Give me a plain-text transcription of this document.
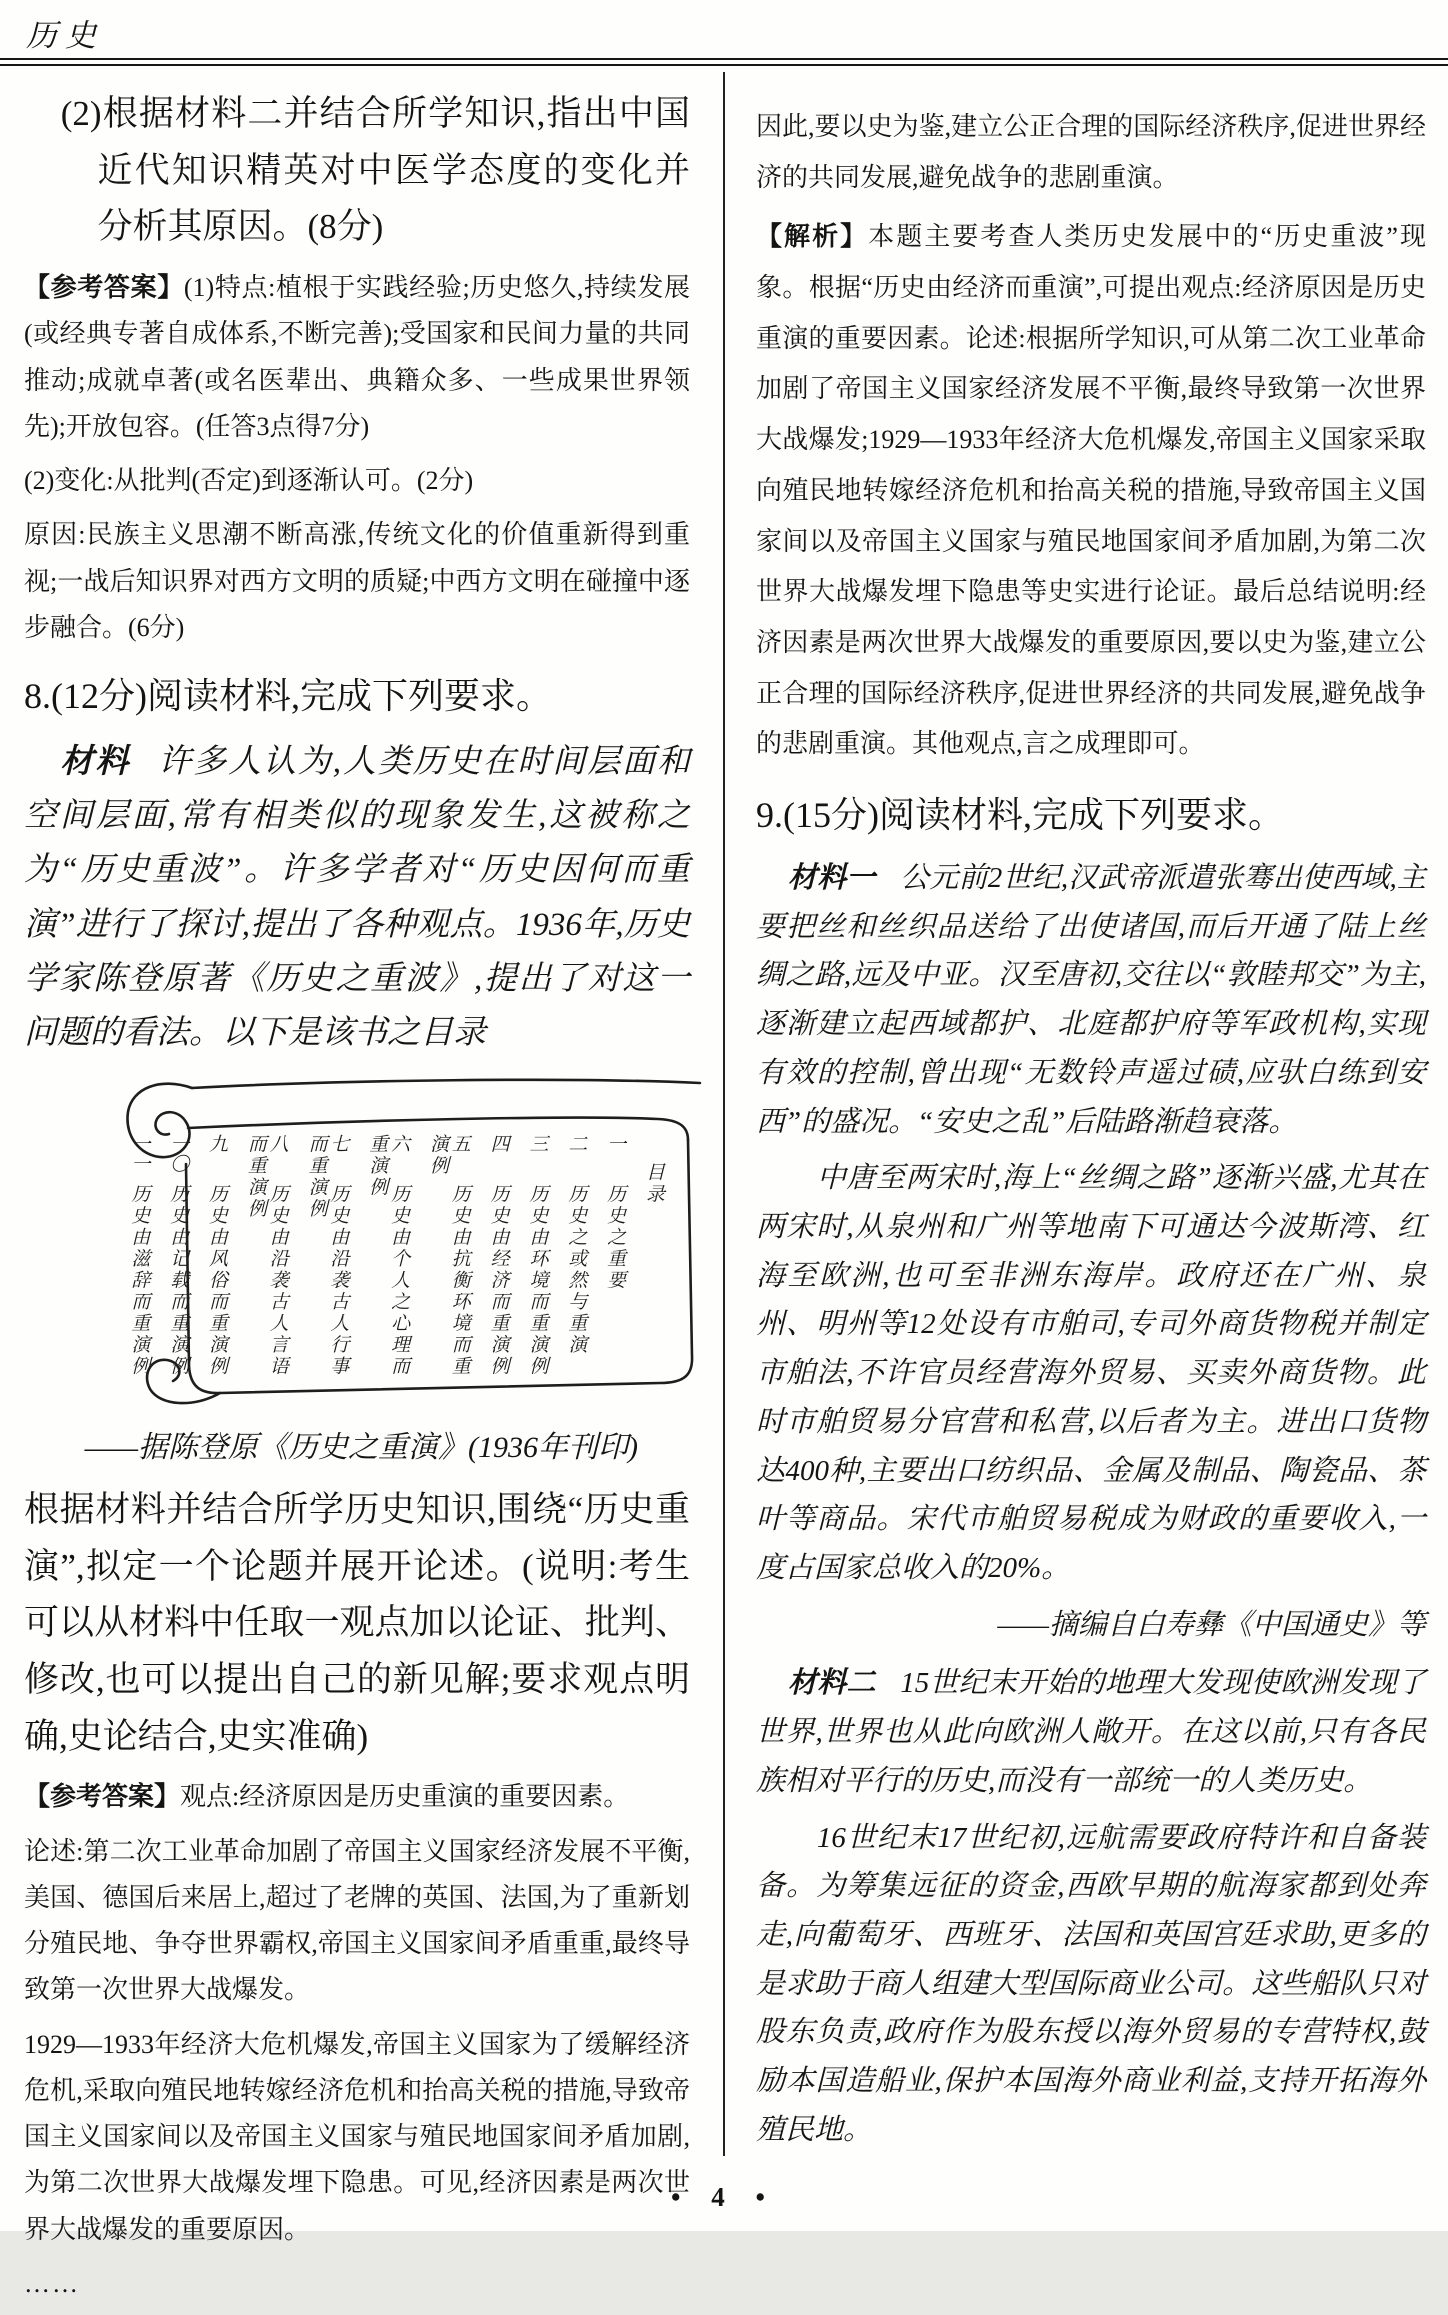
历史

(2)根据材料二并结合所学知识,指出中国近代知识精英对中医学态度的变化并分析其原因。(8分)

【参考答案】(1)特点:植根于实践经验;历史悠久,持续发展(或经典专著自成体系,不断完善);受国家和民间力量的共同推动;成就卓著(或名医辈出、典籍众多、一些成果世界领先);开放包容。(任答3点得7分)

(2)变化:从批判(否定)到逐渐认可。(2分)

原因:民族主义思潮不断高涨,传统文化的价值重新得到重视;一战后知识界对西方文明的质疑;中西方文明在碰撞中逐步融合。(6分)

8.(12分)阅读材料,完成下列要求。

材料 许多人认为,人类历史在时间层面和空间层面,常有相类似的现象发生,这被称之为“历史重波”。许多学者对“历史因何而重演”进行了探讨,提出了各种观点。1936年,历史学家陈登原著《历史之重波》,提出了对这一问题的看法。以下是该书之目录

目录
一历史之重要
二历史之或然与重演
三历史由环境而重演例
四历史由经济而重演例
五历史由抗衡环境而重演例
六历史由个人之心理而重演例
七历史由沿袭古人行事而重演例
八历史由沿袭古人言语而重演例
九历史由风俗而重演例
一〇历史由记载而重演例
一一历史由滋辞而重演例

——据陈登原《历史之重演》(1936年刊印)

根据材料并结合所学历史知识,围绕“历史重演”,拟定一个论题并展开论述。(说明:考生可以从材料中任取一观点加以论证、批判、修改,也可以提出自己的新见解;要求观点明确,史论结合,史实准确)

【参考答案】观点:经济原因是历史重演的重要因素。

论述:第二次工业革命加剧了帝国主义国家经济发展不平衡,美国、德国后来居上,超过了老牌的英国、法国,为了重新划分殖民地、争夺世界霸权,帝国主义国家间矛盾重重,最终导致第一次世界大战爆发。

1929—1933年经济大危机爆发,帝国主义国家为了缓解经济危机,采取向殖民地转嫁经济危机和抬高关税的措施,导致帝国主义国家间以及帝国主义国家与殖民地国家间矛盾加剧,为第二次世界大战爆发埋下隐患。可见,经济因素是两次世界大战爆发的重要原因。

……

因此,要以史为鉴,建立公正合理的国际经济秩序,促进世界经济的共同发展,避免战争的悲剧重演。

【解析】本题主要考查人类历史发展中的“历史重波”现象。根据“历史由经济而重演”,可提出观点:经济原因是历史重演的重要因素。论述:根据所学知识,可从第二次工业革命加剧了帝国主义国家经济发展不平衡,最终导致第一次世界大战爆发;1929—1933年经济大危机爆发,帝国主义国家采取向殖民地转嫁经济危机和抬高关税的措施,导致帝国主义国家间以及帝国主义国家与殖民地国家间矛盾加剧,为第二次世界大战爆发埋下隐患等史实进行论证。最后总结说明:经济因素是两次世界大战爆发的重要原因,要以史为鉴,建立公正合理的国际经济秩序,促进世界经济的共同发展,避免战争的悲剧重演。其他观点,言之成理即可。

9.(15分)阅读材料,完成下列要求。

材料一 公元前2世纪,汉武帝派遣张骞出使西域,主要把丝和丝织品送给了出使诸国,而后开通了陆上丝绸之路,远及中亚。汉至唐初,交往以“敦睦邦交”为主,逐渐建立起西域都护、北庭都护府等军政机构,实现有效的控制,曾出现“无数铃声遥过碛,应驮白练到安西”的盛况。“安史之乱”后陆路渐趋衰落。

中唐至两宋时,海上“丝绸之路”逐渐兴盛,尤其在两宋时,从泉州和广州等地南下可通达今波斯湾、红海至欧洲,也可至非洲东海岸。政府还在广州、泉州、明州等12处设有市舶司,专司外商货物税并制定市舶法,不许官员经营海外贸易、买卖外商货物。此时市舶贸易分官营和私营,以后者为主。进出口货物达400种,主要出口纺织品、金属及制品、陶瓷品、茶叶等商品。宋代市舶贸易税成为财政的重要收入,一度占国家总收入的20%。

——摘编自白寿彝《中国通史》等

材料二 15世纪末开始的地理大发现使欧洲发现了世界,世界也从此向欧洲人敞开。在这以前,只有各民族相对平行的历史,而没有一部统一的人类历史。

16世纪末17世纪初,远航需要政府特许和自备装备。为筹集远征的资金,西欧早期的航海家都到处奔走,向葡萄牙、西班牙、法国和英国宫廷求助,更多的是求助于商人组建大型国际商业公司。这些船队只对股东负责,政府作为股东授以海外贸易的专营特权,鼓励本国造船业,保护本国海外商业利益,支持开拓海外殖民地。

• 4 •
